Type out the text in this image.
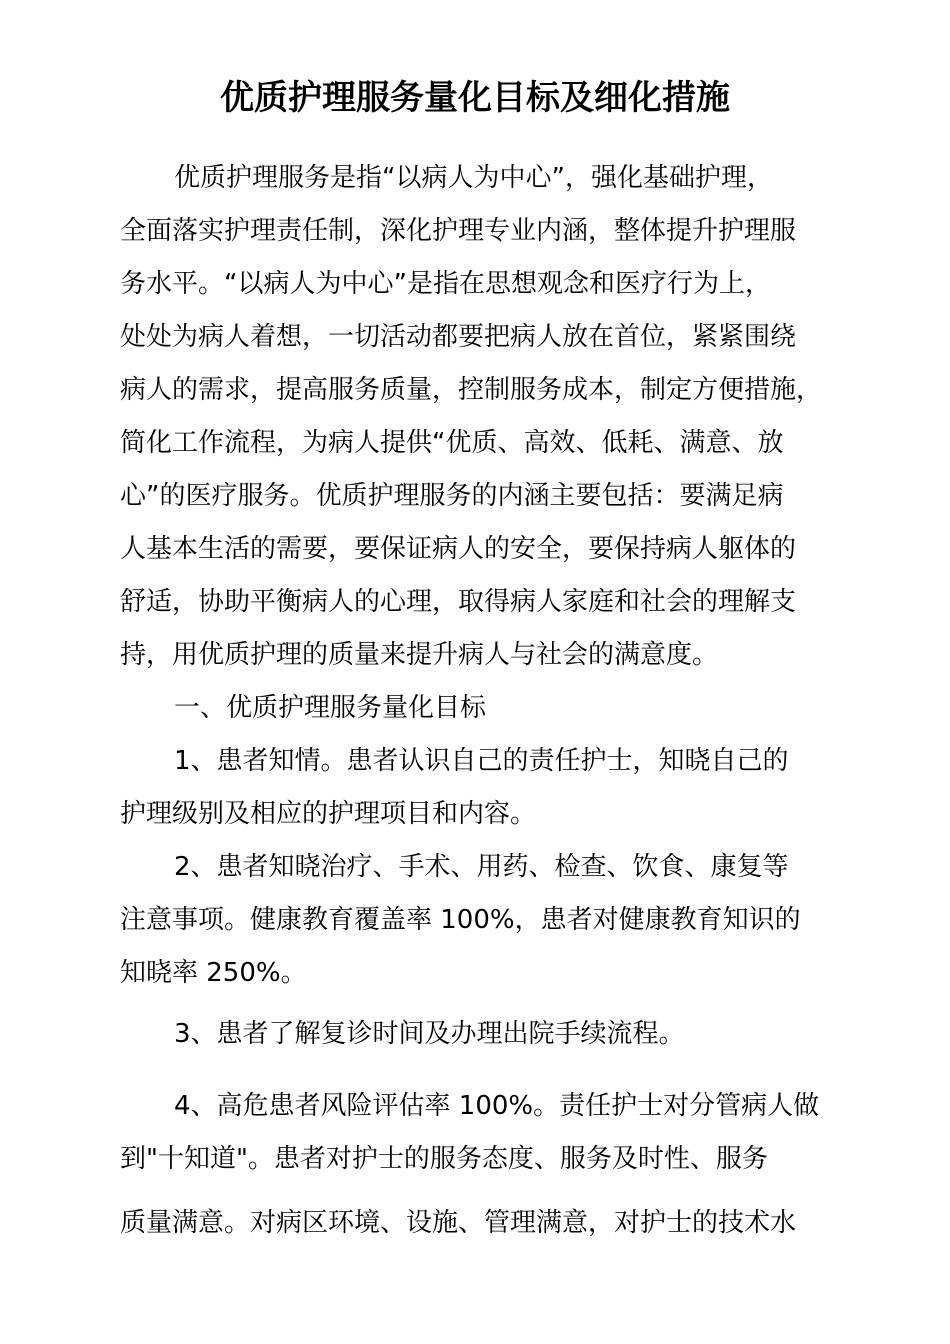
优质护理服务量化目标及细化措施
优质护理服务是指“以病人为中心”，强化基础护理，
全面落实护理责任制，深化护理专业内涵，整体提升护理服
务水平。“以病人为中心”是指在思想观念和医疗行为上，
处处为病人着想，一切活动都要把病人放在首位，紧紧围绕
病人的需求，提高服务质量，控制服务成本，制定方便措施，
简化工作流程，为病人提供“优质、高效、低耗、满意、放
心”的医疗服务。优质护理服务的内涵主要包括：要满足病
人基本生活的需要，要保证病人的安全，要保持病人躯体的
舒适，协助平衡病人的心理，取得病人家庭和社会的理解支
持，用优质护理的质量来提升病人与社会的满意度。
一、优质护理服务量化目标
1、患者知情。患者认识自己的责任护士，知晓自己的
护理级别及相应的护理项目和内容。
2、患者知晓治疗、手术、用药、检查、饮食、康复等
注意事项。健康教育覆盖率 100%，患者对健康教育知识的
知晓率 250%。
3、患者了解复诊时间及办理出院手续流程。
4、高危患者风险评估率 100%。责任护士对分管病人做
到"十知道"。患者对护士的服务态度、服务及时性、服务
质量满意。对病区环境、设施、管理满意，对护士的技术水
